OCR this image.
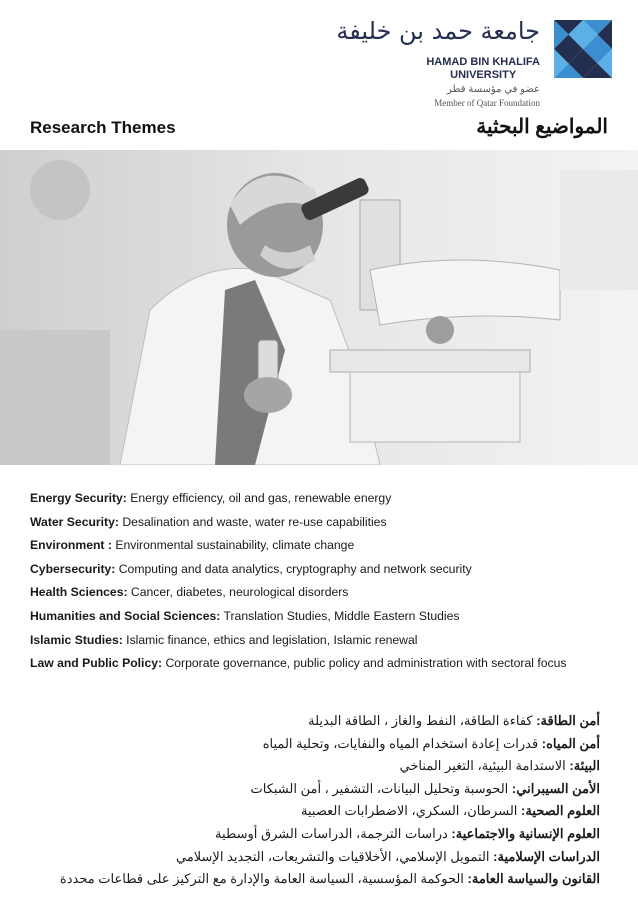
جامعة حمد بن خليفة
HAMAD BIN KHALIFA
UNIVERSITY
عضو في مؤسسة قطر
Member of Qatar Foundation
Research Themes	المواضيع البحثية
Energy Security: Energy efficiency, oil and gas, renewable energy
Water Security: Desalination and waste, water re-use capabilities
Environment : Environmental sustainability, climate change
Cybersecurity: Computing and data analytics, cryptography and network security
Health Sciences: Cancer, diabetes, neurological disorders
Humanities and Social Sciences: Translation Studies, Middle Eastern Studies
Islamic Studies: Islamic finance, ethics and legislation, Islamic renewal
Law and Public Policy: Corporate governance, public policy and administration with sectoral focus
أمن الطاقة: كفاءة الطاقة، النفط والغاز ، الطاقة البديلة
أمن المياه: قدرات إعادة استخدام المياه والنفايات، وتحلية المياه
البيئة: الاستدامة البيئية، التغير المناخي
الأمن السيبراني: الحوسبة وتحليل البيانات، التشفير ، أمن الشبكات
العلوم الصحية: السرطان، السكري، الاضطرابات العصبية
العلوم الإنسانية والاجتماعية: دراسات الترجمة، الدراسات الشرق أوسطية
الدراسات الإسلامية: التمويل الإسلامي، الأخلاقيات والتشريعات، التجديد الإسلامي
القانون والسياسة العامة: الحوكمة المؤسسية، السياسة العامة والإدارة مع التركيز على قطاعات محددة
